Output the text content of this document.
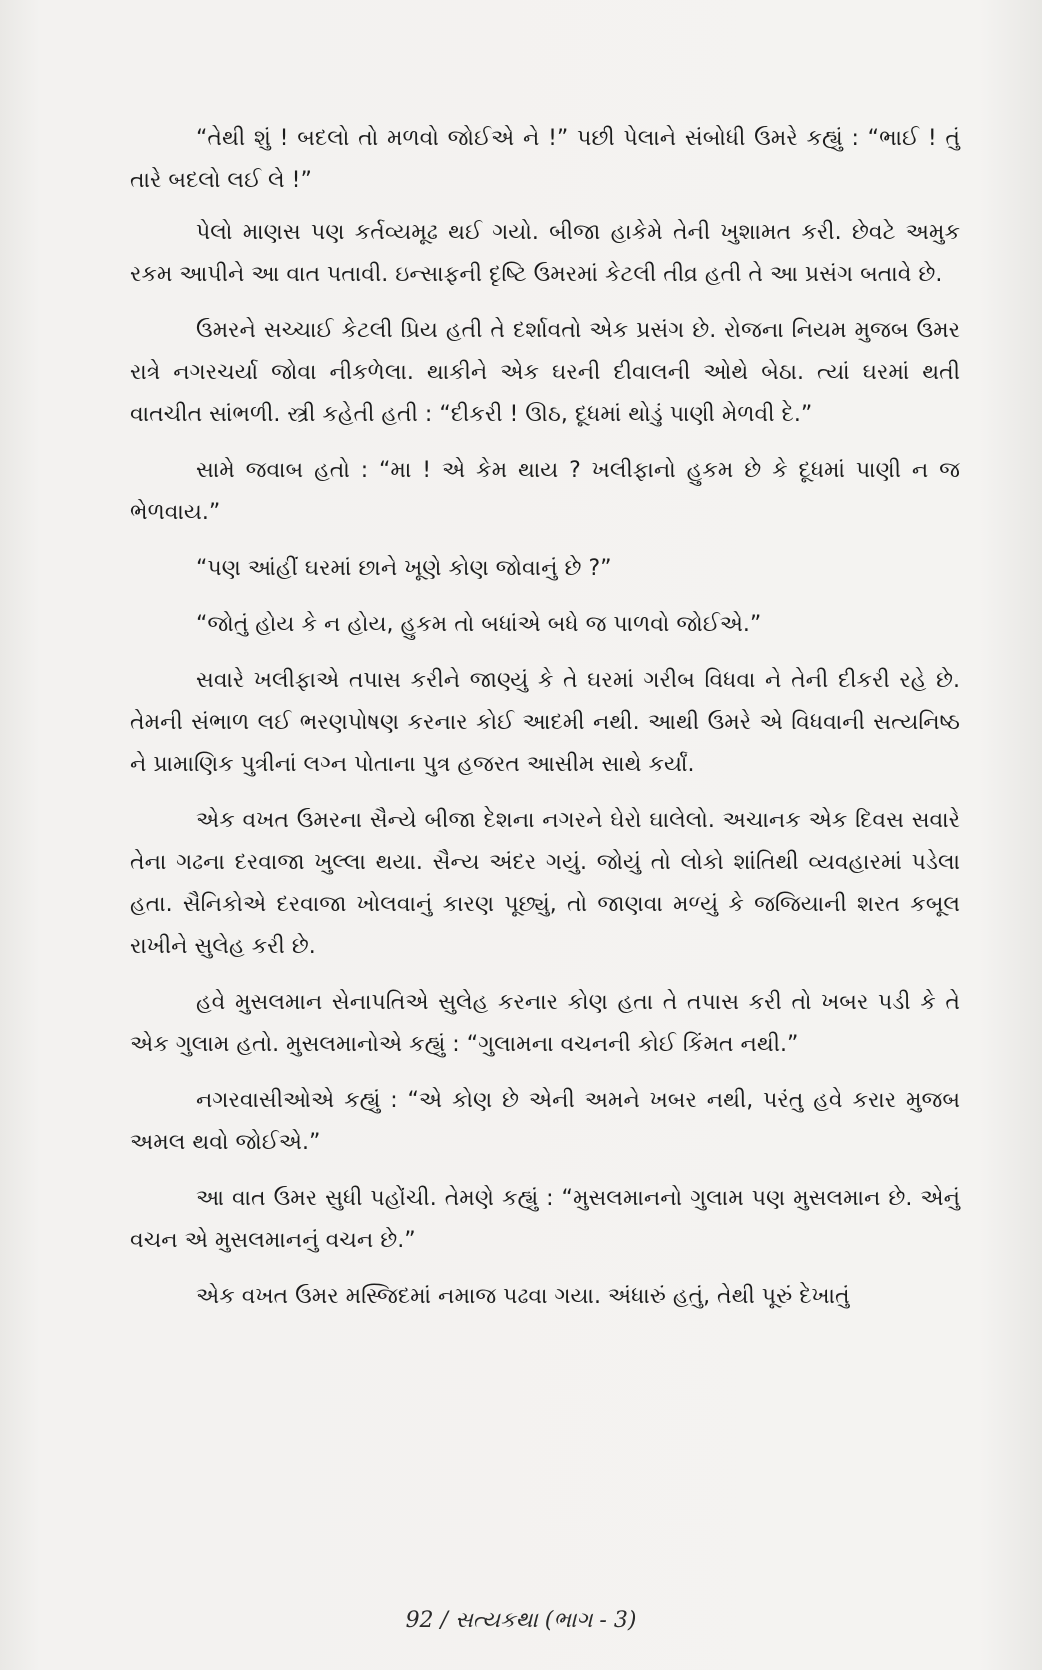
“તેથી શું ! બદલો તો મળવો જોઈએ ને !” પછી પેલાને સંબોધી ઉમરે કહ્યું : “ભાઈ ! તું તારે બદલો લઈ લે !”

પેલો માણસ પણ કર્તવ્યમૂઢ થઈ ગયો. બીજા હાકેમે તેની ખુશામત કરી. છેવટે અમુક રકમ આપીને આ વાત પતાવી. ઇન્સાફની દૃષ્ટિ ઉમરમાં કેટલી તીવ્ર હતી તે આ પ્રસંગ બતાવે છે.

ઉમરને સચ્ચાઈ કેટલી પ્રિય હતી તે દર્શાવતો એક પ્રસંગ છે. રોજના નિયમ મુજબ ઉમર રાત્રે નગરચર્યા જોવા નીકળેલા. થાકીને એક ઘરની દીવાલની ઓથે બેઠા. ત્યાં ઘરમાં થતી વાતચીત સાંભળી. સ્ત્રી કહેતી હતી : “દીકરી ! ઊઠ, દૂધમાં થોડું પાણી મેળવી દે.”

સામે જવાબ હતો : “મા ! એ કેમ થાય ? ખલીફાનો હુકમ છે કે દૂધમાં પાણી ન જ ભેળવાય.”

“પણ આંહીં ઘરમાં છાને ખૂણે કોણ જોવાનું છે ?”

“જોતું હોય કે ન હોય, હુકમ તો બધાંએ બધે જ પાળવો જોઈએ.”

સવારે ખલીફાએ તપાસ કરીને જાણ્યું કે તે ઘરમાં ગરીબ વિધવા ને તેની દીકરી રહે છે. તેમની સંભાળ લઈ ભરણપોષણ કરનાર કોઈ આદમી નથી. આથી ઉમરે એ વિધવાની સત્યનિષ્ઠ ને પ્રામાણિક પુત્રીનાં લગ્ન પોતાના પુત્ર હજરત આસીમ સાથે કર્યાં.

એક વખત ઉમરના સૈન્યે બીજા દેશના નગરને ઘેરો ઘાલેલો. અચાનક એક દિવસ સવારે તેના ગઢના દરવાજા ખુલ્લા થયા. સૈન્ય અંદર ગયું. જોયું તો લોકો શાંતિથી વ્યવહારમાં પડેલા હતા. સૈનિકોએ દરવાજા ખોલવાનું કારણ પૂછ્યું, તો જાણવા મળ્યું કે જજિયાની શરત કબૂલ રાખીને સુલેહ કરી છે.

હવે મુસલમાન સેનાપતિએ સુલેહ કરનાર કોણ હતા તે તપાસ કરી તો ખબર પડી કે તે એક ગુલામ હતો. મુસલમાનોએ કહ્યું : “ગુલામના વચનની કોઈ કિંમત નથી.”

નગરવાસીઓએ કહ્યું : “એ કોણ છે એની અમને ખબર નથી, પરંતુ હવે કરાર મુજબ અમલ થવો જોઈએ.”

આ વાત ઉમર સુધી પહોંચી. તેમણે કહ્યું : “મુસલમાનનો ગુલામ પણ મુસલમાન છે. એનું વચન એ મુસલમાનનું વચન છે.”

એક વખત ઉમર મસ્જિદમાં નમાજ પઢવા ગયા. અંધારું હતું, તેથી પૂરું દેખાતું

92 / સત્યકથા (ભાગ - 3)
